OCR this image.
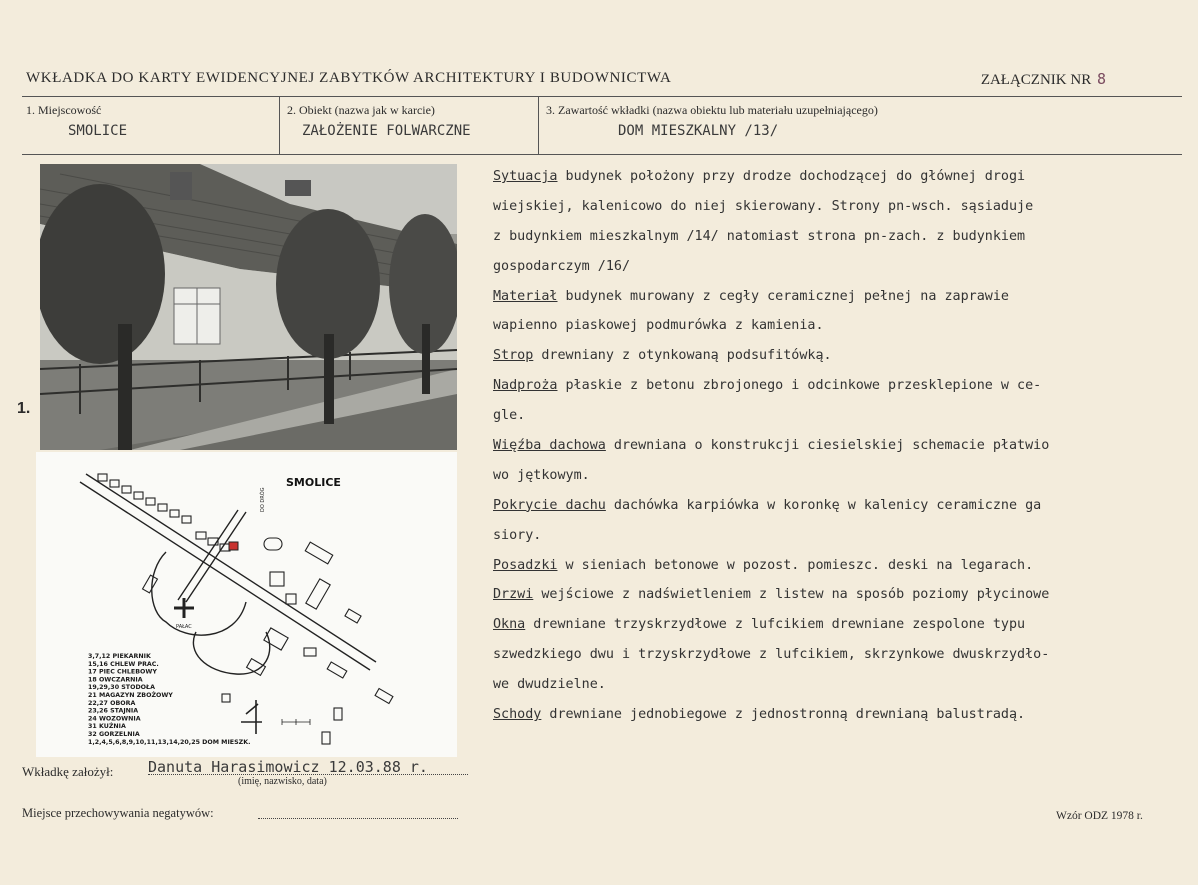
WKŁADKA DO KARTY EWIDENCYJNEJ ZABYTKÓW ARCHITEKTURY I BUDOWNICTWA	ZAŁĄCZNIK NR 8
1. Miejscowość
SMOLICE
2. Obiekt (nazwa jak w karcie)
ZAŁOŻENIE FOLWARCZNE
3. Zawartość wkładki (nazwa obiektu lub materiału uzupełniającego)
DOM MIESZKALNY /13/
1.
SMOLICE
PAŁAC
DO DRÓG
3,7,12 PIEKARNIK
15,16 CHLEW PRAC.
17 PIEC CHLEBOWY
18 OWCZARNIA
19,29,30 STODOŁA
21 MAGAZYN ZBOŻOWY
22,27 OBORA
23,26 STAJNIA
24 WOZOWNIA
31 KUŹNIA
32 GORZELNIA
1,2,4,5,6,8,9,10,11,13,14,20,25 DOM MIESZK.
Sytuacja budynek położony przy drodze dochodzącej do głównej drogi
wiejskiej, kalenicowo do niej skierowany. Strony pn-wsch. sąsiaduje
z budynkiem mieszkalnym /14/ natomiast strona pn-zach. z budynkiem
gospodarczym /16/
Materiał budynek murowany z cegły ceramicznej pełnej na zaprawie
wapienno piaskowej podmurówka z kamienia.
Strop drewniany z otynkowaną podsufitówką.
Nadproża płaskie z betonu zbrojonego i odcinkowe przesklepione w ce-
gle.
Więźba dachowa drewniana o konstrukcji ciesielskiej schemacie płatwio
wo jętkowym.
Pokrycie dachu dachówka karpiówka w koronkę w kalenicy ceramiczne ga
siory.
Posadzki w sieniach betonowe w pozost. pomieszc. deski na legarach.
Drzwi wejściowe z nadświetleniem z listew na sposób poziomy płycinowe
Okna drewniane trzyskrzydłowe z lufcikiem drewniane zespolone typu
szwedzkiego dwu i trzyskrzydłowe z lufcikiem, skrzynkowe dwuskrzydło-
we dwudzielne.
Schody drewniane jednobiegowe z jednostronną drewnianą balustradą.
Wkładkę założył: Danuta Harasimowicz 12.03.88 r.
(imię, nazwisko, data)
Miejsce przechowywania negatywów:	Wzór ODZ 1978 r.
